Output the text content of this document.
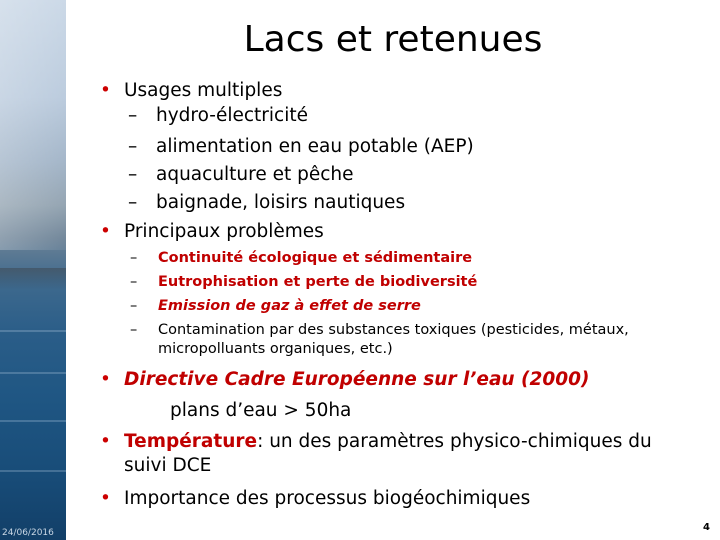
Lacs et retenues
• Usages multiples
– hydro-électricité
– alimentation en eau potable (AEP)
– aquaculture et pêche
– baignade, loisirs nautiques
• Principaux problèmes
– Continuité écologique et sédimentaire
– Eutrophisation et perte de biodiversité
– Emission de gaz à effet de serre
– Contamination par des substances toxiques (pesticides, métaux, micropolluants organiques, etc.)
• Directive Cadre Européenne sur l’eau (2000)
plans d’eau > 50ha
• Température: un des paramètres physico-chimiques du suivi DCE
• Importance des processus biogéochimiques
24/06/2016	4
